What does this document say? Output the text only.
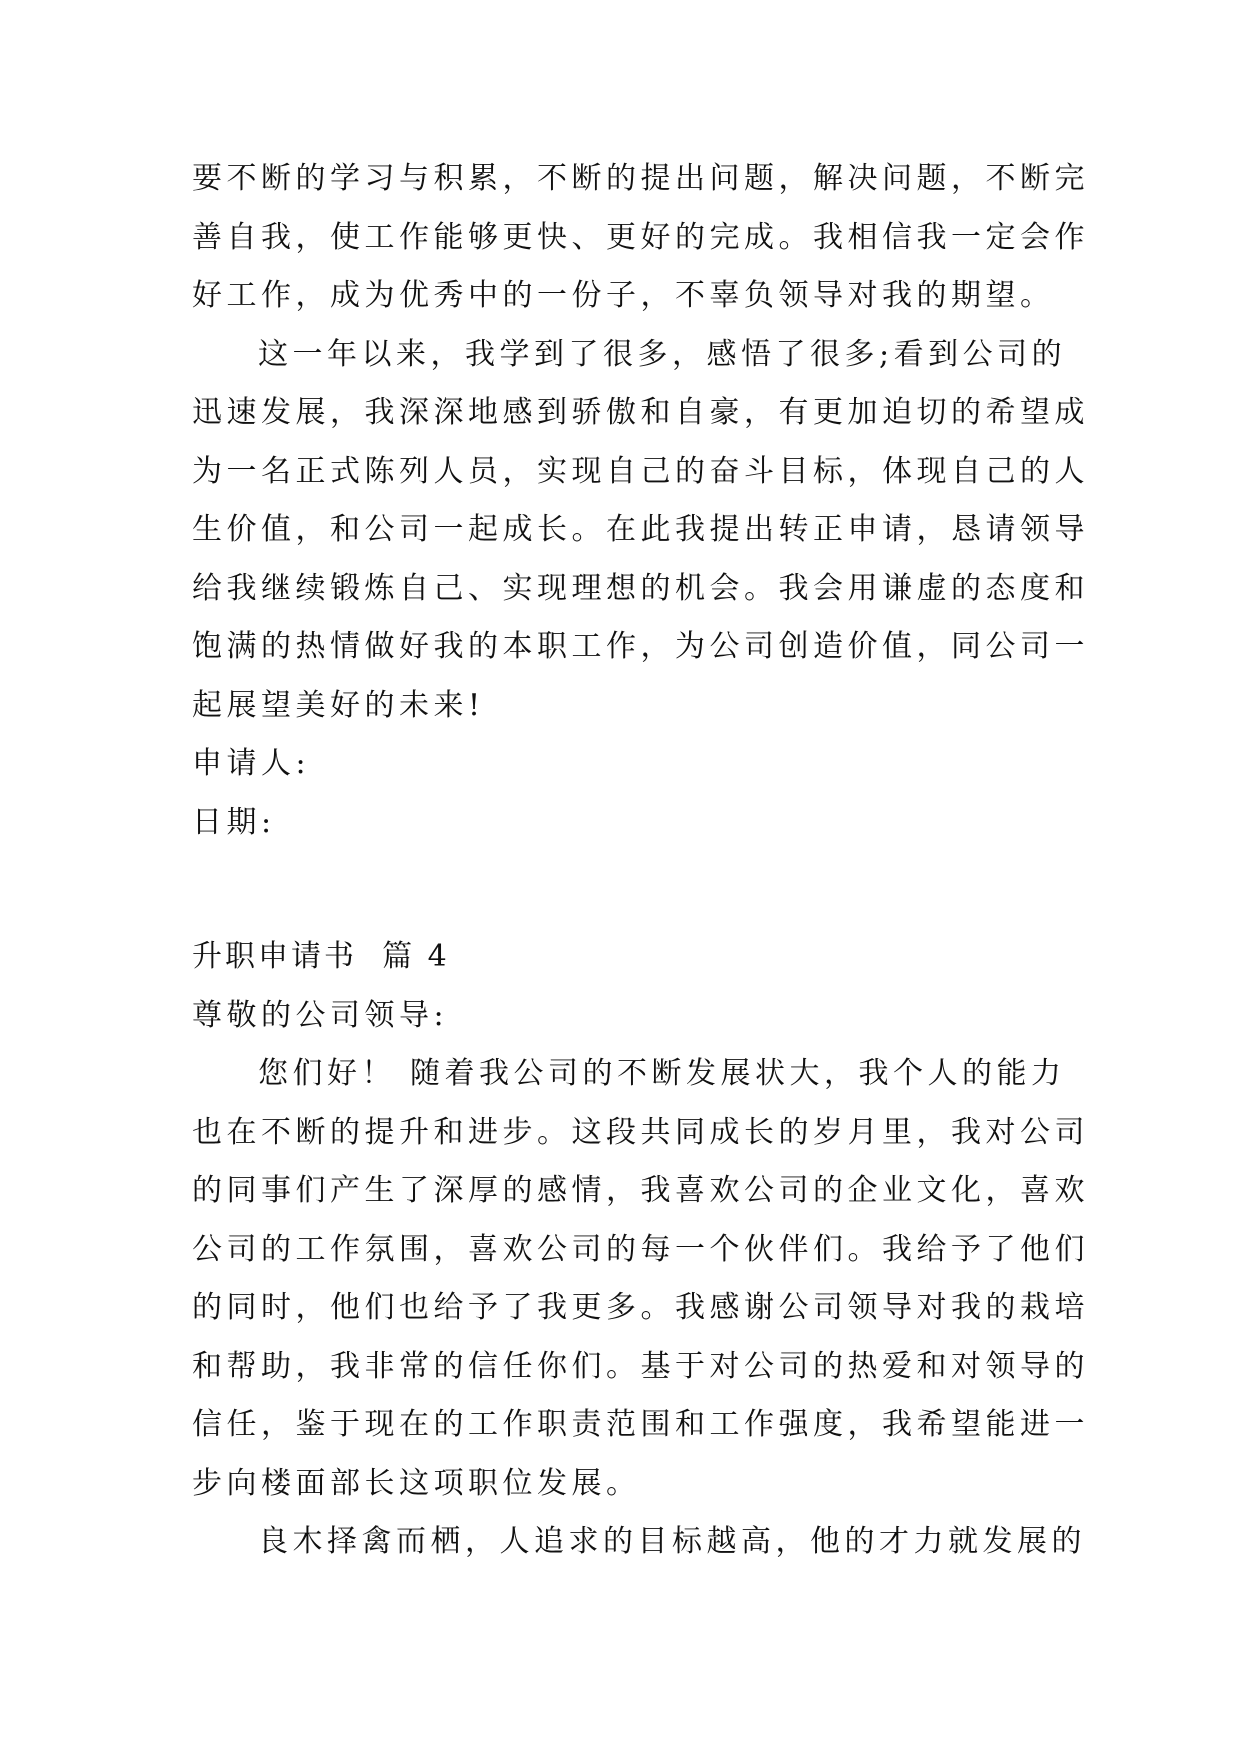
要不断的学习与积累，不断的提出问题，解决问题，不断完
善自我，使工作能够更快、更好的完成。我相信我一定会作
好工作，成为优秀中的一份子，不辜负领导对我的期望。
这一年以来，我学到了很多，感悟了很多;看到公司的
迅速发展，我深深地感到骄傲和自豪，有更加迫切的希望成
为一名正式陈列人员，实现自己的奋斗目标，体现自己的人
生价值，和公司一起成长。在此我提出转正申请，恳请领导
给我继续锻炼自己、实现理想的机会。我会用谦虚的态度和
饱满的热情做好我的本职工作，为公司创造价值，同公司一
起展望美好的未来!
申请人:
日期:
升职申请书  篇 4
尊敬的公司领导:
您们好！ 随着我公司的不断发展状大，我个人的能力
也在不断的提升和进步。这段共同成长的岁月里，我对公司
的同事们产生了深厚的感情，我喜欢公司的企业文化，喜欢
公司的工作氛围，喜欢公司的每一个伙伴们。我给予了他们
的同时，他们也给予了我更多。我感谢公司领导对我的栽培
和帮助，我非常的信任你们。基于对公司的热爱和对领导的
信任，鉴于现在的工作职责范围和工作强度，我希望能进一
步向楼面部长这项职位发展。
良木择禽而栖，人追求的目标越高，他的才力就发展的
